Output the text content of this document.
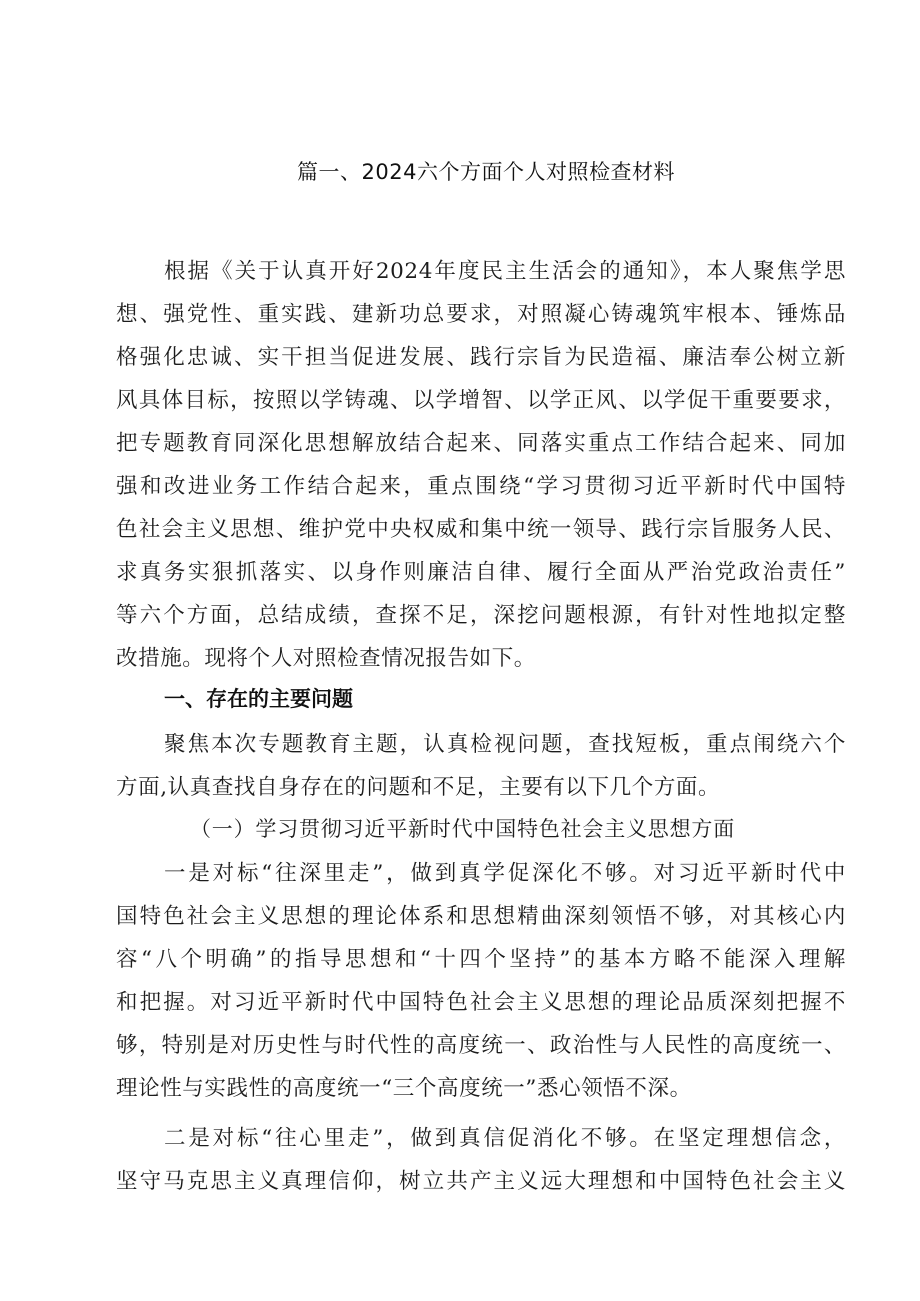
篇一、2024六个方面个人对照检查材料
根据《关于认真开好2024年度民主生活会的通知》，本人聚焦学思
想、强党性、重实践、建新功总要求，对照凝心铸魂筑牢根本、锤炼品
格强化忠诚、实干担当促进发展、践行宗旨为民造福、廉洁奉公树立新
风具体目标，按照以学铸魂、以学增智、以学正风、以学促干重要要求，
把专题教育同深化思想解放结合起来、同落实重点工作结合起来、同加
强和改进业务工作结合起来，重点围绕“学习贯彻习近平新时代中国特
色社会主义思想、维护党中央权威和集中统一领导、践行宗旨服务人民、
求真务实狠抓落实、以身作则廉洁自律、履行全面从严治党政治责任”
等六个方面，总结成绩，查探不足，深挖问题根源，有针对性地拟定整
改措施。现将个人对照检查情况报告如下。
一、存在的主要问题
聚焦本次专题教育主题，认真检视问题，查找短板，重点闱绕六个
方面,认真查找自身存在的问题和不足，主要有以下几个方面。
（一）学习贯彻习近平新时代中国特色社会主义思想方面
一是对标“往深里走”，做到真学促深化不够。对习近平新时代中
国特色社会主义思想的理论体系和思想精曲深刻领悟不够，对其核心内
容“八个明确”的指导思想和“十四个坚持”的基本方略不能深入理解
和把握。对习近平新时代中国特色社会主义思想的理论品质深刻把握不
够，特别是对历史性与时代性的高度统一、政治性与人民性的高度统一、
理论性与实践性的高度统一“三个高度统一”悉心领悟不深。
二是对标“往心里走”，做到真信促消化不够。在坚定理想信念，
坚守马克思主义真理信仰，树立共产主义远大理想和中国特色社会主义
